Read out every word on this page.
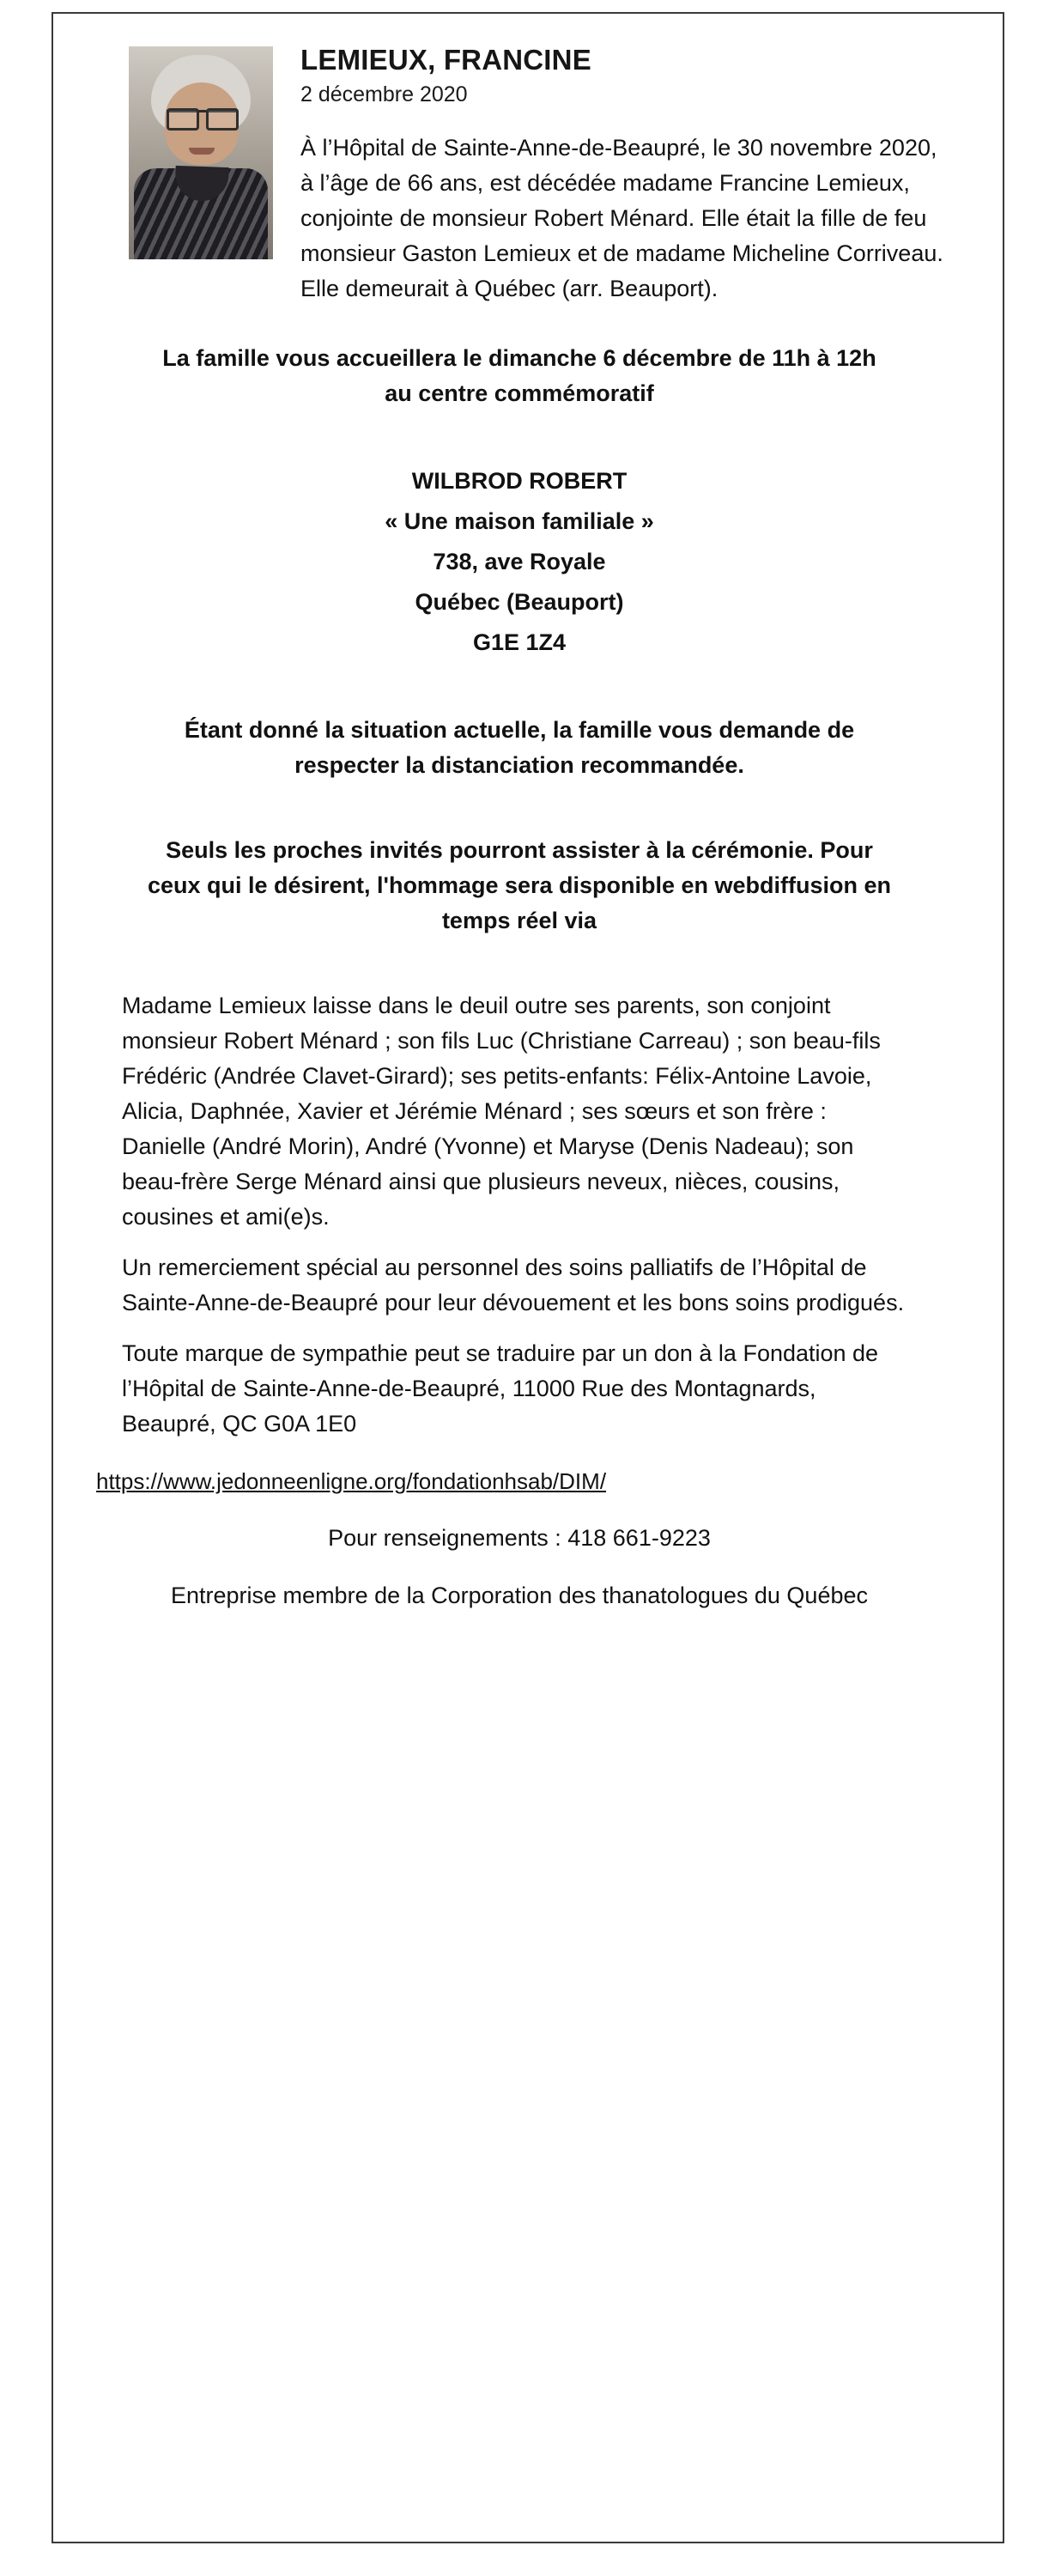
LEMIEUX, FRANCINE
2 décembre 2020

À l’Hôpital de Sainte-Anne-de-Beaupré, le 30 novembre 2020, à l’âge de 66 ans, est décédée madame Francine Lemieux, conjointe de monsieur Robert Ménard. Elle était la fille de feu monsieur Gaston Lemieux et de madame Micheline Corriveau. Elle demeurait à Québec (arr. Beauport).

La famille vous accueillera le dimanche 6 décembre de 11h à 12h au centre commémoratif

WILBROD ROBERT
« Une maison familiale »
738, ave Royale
Québec (Beauport)
G1E 1Z4

Étant donné la situation actuelle, la famille vous demande de respecter la distanciation recommandée.

Seuls les proches invités pourront assister à la cérémonie. Pour ceux qui le désirent, l'hommage sera disponible en webdiffusion en temps réel via

Madame Lemieux laisse dans le deuil outre ses parents, son conjoint monsieur Robert Ménard ; son fils Luc (Christiane Carreau) ; son beau-fils Frédéric (Andrée Clavet-Girard); ses petits-enfants: Félix-Antoine Lavoie, Alicia, Daphnée, Xavier et Jérémie Ménard ; ses sœurs et son frère : Danielle (André Morin), André (Yvonne) et Maryse (Denis Nadeau); son beau-frère Serge Ménard ainsi que plusieurs neveux, nièces, cousins, cousines et ami(e)s.

Un remerciement spécial au personnel des soins palliatifs de l’Hôpital de Sainte-Anne-de-Beaupré pour leur dévouement et les bons soins prodigués.

Toute marque de sympathie peut se traduire par un don à la Fondation de l’Hôpital de Sainte-Anne-de-Beaupré, 11000 Rue des Montagnards, Beaupré, QC G0A 1E0

https://www.jedonneenligne.org/fondationhsab/DIM/

Pour renseignements : 418 661-9223

Entreprise membre de la Corporation des thanatologues du Québec
